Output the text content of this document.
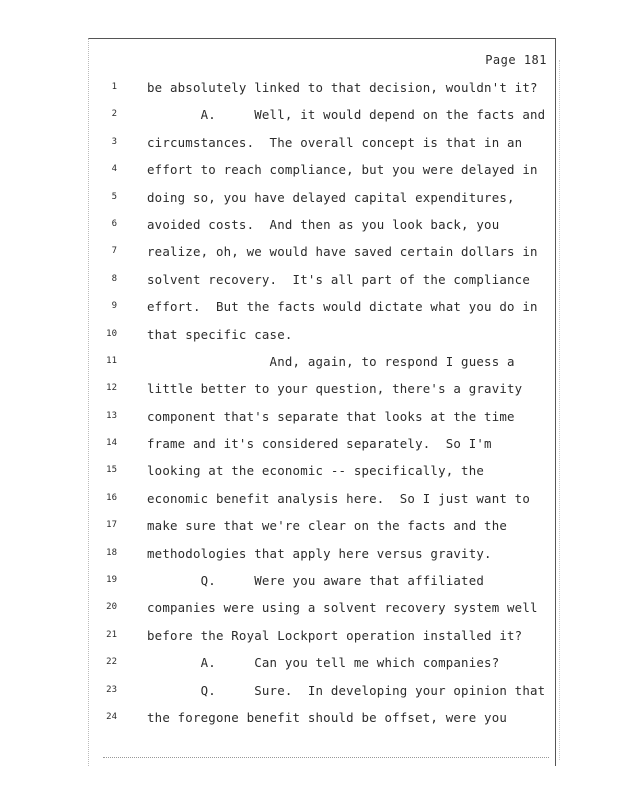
Page 181
1 be absolutely linked to that decision, wouldn't it?
2 A.     Well, it would depend on the facts and
3 circumstances.  The overall concept is that in an
4 effort to reach compliance, but you were delayed in
5 doing so, you have delayed capital expenditures,
6 avoided costs.  And then as you look back, you
7 realize, oh, we would have saved certain dollars in
8 solvent recovery.  It's all part of the compliance
9 effort.  But the facts would dictate what you do in
10 that specific case.
11 And, again, to respond I guess a
12 little better to your question, there's a gravity
13 component that's separate that looks at the time
14 frame and it's considered separately.  So I'm
15 looking at the economic -- specifically, the
16 economic benefit analysis here.  So I just want to
17 make sure that we're clear on the facts and the
18 methodologies that apply here versus gravity.
19 Q.     Were you aware that affiliated
20 companies were using a solvent recovery system well
21 before the Royal Lockport operation installed it?
22 A.     Can you tell me which companies?
23 Q.     Sure.  In developing your opinion that
24 the foregone benefit should be offset, were you
